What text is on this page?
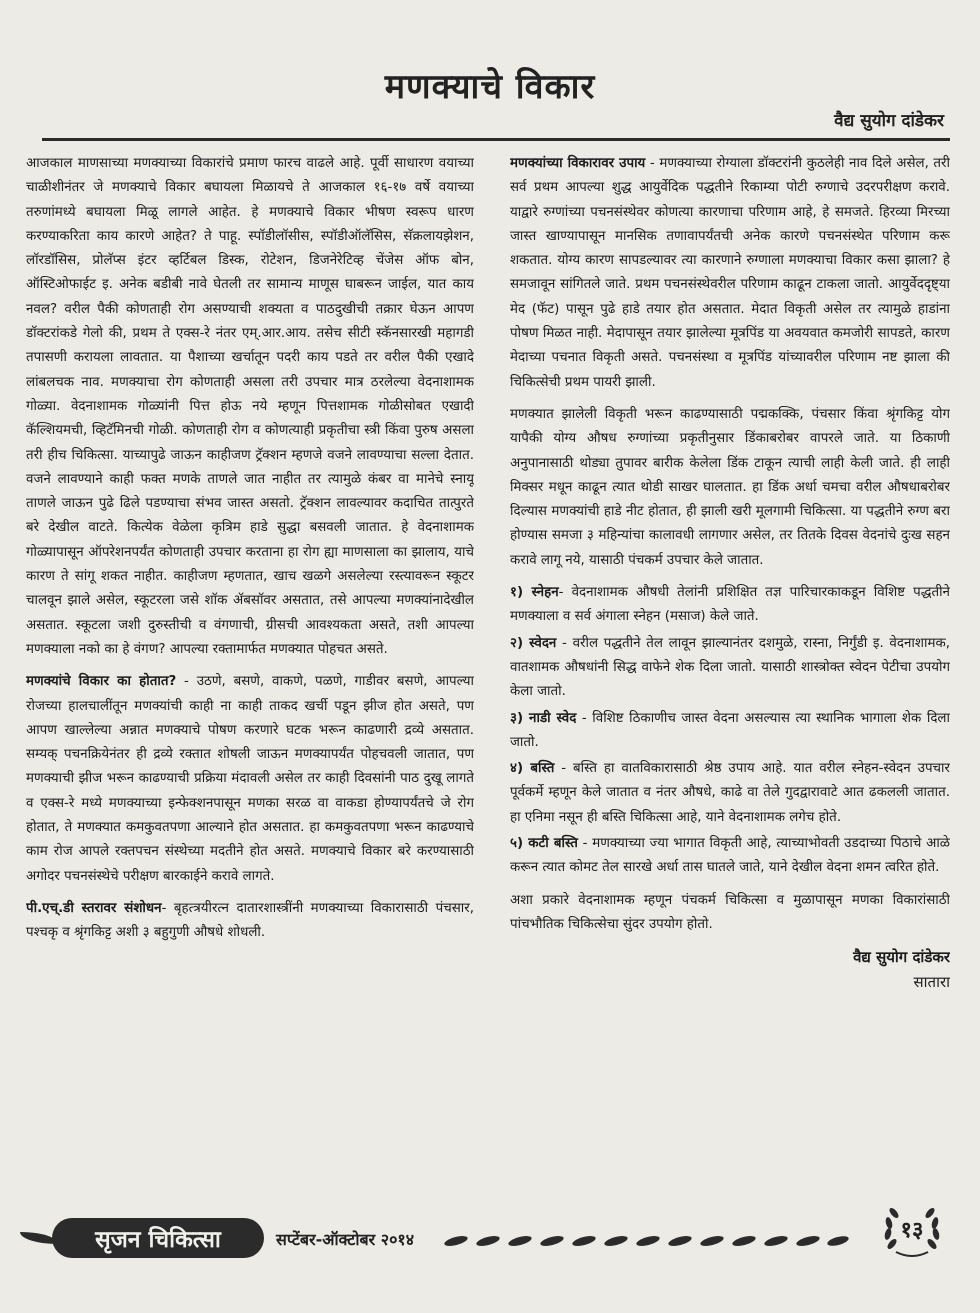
मणक्याचे विकार
वैद्य सुयोग दांडेकर

आजकाल माणसाच्या मणक्याच्या विकारांचे प्रमाण फारच वाढले आहे. पूर्वी साधारण वयाच्या चाळीशीनंतर जे मणक्याचे विकार बघायला मिळायचे ते आजकाल १६-१७ वर्षे वयाच्या तरुणांमध्ये बघायला मिळू लागले आहेत. हे मणक्याचे विकार भीषण स्वरूप धारण करण्याकरिता काय कारणे आहेत? ते पाहू. स्पॉडीलॉसीस, स्पॉडीऑलॅसिस, सॅक्रलायझेशन, लॉरडॉसिस, प्रोलॅप्स इंटर व्हर्टिबल डिस्क, रोटेशन, डिजनेरेटिव्ह चेंजेस ऑफ बोन, ऑस्टिओफाईट इ. अनेक बडीबी नावे घेतली तर सामान्य माणूस घाबरून जाईल, यात काय नवल? वरील पैकी कोणताही रोग असण्याची शक्यता व पाठदुखीची तक्रार घेऊन आपण डॉक्टरांकडे गेलो की, प्रथम ते एक्स-रे नंतर एम्.आर.आय. तसेच सीटी स्कॅनसारखी महागडी तपासणी करायला लावतात. या पैशाच्या खर्चातून पदरी काय पडते तर वरील पैकी एखादे लांबलचक नाव. मणक्याचा रोग कोणताही असला तरी उपचार मात्र ठरलेल्या वेदनाशामक गोळ्या. वेदनाशामक गोळ्यांनी पित्त होऊ नये म्हणून पित्तशामक गोळीसोबत एखादी कॅल्शियमची, व्हिटॅमिनची गोळी. कोणताही रोग व कोणत्याही प्रकृतीचा स्त्री किंवा पुरुष असला तरी हीच चिकित्सा. याच्यापुढे जाऊन काहीजण ट्रॅक्शन म्हणजे वजने लावण्याचा सल्ला देतात. वजने लावण्याने काही फक्त मणके ताणले जात नाहीत तर त्यामुळे कंबर वा मानेचे स्नायू ताणले जाऊन पुढे ढिले पडण्याचा संभव जास्त असतो. ट्रॅक्शन लावल्यावर कदाचित तात्पुरते बरे देखील वाटते. कित्येक वेळेला कृत्रिम हाडे सुद्धा बसवली जातात. हे वेदनाशामक गोळ्यापासून ऑपरेशनपर्यंत कोणताही उपचार करताना हा रोग ह्या माणसाला का झालाय, याचे कारण ते सांगू शकत नाहीत. काहीजण म्हणतात, खाच खळगे असलेल्या रस्त्यावरून स्कूटर चालवून झाले असेल, स्कूटरला जसे शॉक ॲबसॉवर असतात, तसे आपल्या मणक्यांनादेखील असतात. स्कूटला जशी दुरुस्तीची व वंगणाची, ग्रीसची आवश्यकता असते, तशी आपल्या मणक्याला नको का हे वंगण? आपल्या रक्तामार्फत मणक्यात पोहचत असते.

मणक्यांचे विकार का होतात? - उठणे, बसणे, वाकणे, पळणे, गाडीवर बसणे, आपल्या रोजच्या हालचालींतून मणक्यांची काही ना काही ताकद खर्ची पडून झीज होत असते, पण आपण खाल्लेल्या अन्नात मणक्याचे पोषण करणारे घटक भरून काढणारी द्रव्ये असतात. सम्यक् पचनक्रियेनंतर ही द्रव्ये रक्तात शोषली जाऊन मणक्यापर्यंत पोहचवली जातात, पण मणक्याची झीज भरून काढण्याची प्रक्रिया मंदावली असेल तर काही दिवसांनी पाठ दुखू लागते व एक्स-रे मध्ये मणक्याच्या इन्फेक्शनपासून मणका सरळ वा वाकडा होण्यापर्यंतचे जे रोग होतात, ते मणक्यात कमकुवतपणा आल्याने होत असतात. हा कमकुवतपणा भरून काढण्याचे काम रोज आपले रक्तपचन संस्थेच्या मदतीने होत असते. मणक्याचे विकार बरे करण्यासाठी अगोदर पचनसंस्थेचे परीक्षण बारकाईने करावे लागते.

पी.एच्.डी स्तरावर संशोधन- बृहत्त्रयीरत्न दातारशास्त्रींनी मणक्याच्या विकारासाठी पंचसार, पश्चकृ व श्रृंगकिट्ट अशी ३ बहुगुणी औषधे शोधली.

मणक्यांच्या विकारावर उपाय - मणक्याच्या रोग्याला डॉक्टरांनी कुठलेही नाव दिले असेल, तरी सर्व प्रथम आपल्या शुद्ध आयुर्वेदिक पद्धतीने रिकाम्या पोटी रुग्णाचे उदरपरीक्षण करावे. याद्वारे रुग्णांच्या पचनसंस्थेवर कोणत्या कारणाचा परिणाम आहे, हे समजते. हिरव्या मिरच्या जास्त खाण्यापासून मानसिक तणावापर्यंतची अनेक कारणे पचनसंस्थेत परिणाम करू शकतात. योग्य कारण सापडल्यावर त्या कारणाने रुग्णाला मणक्याचा विकार कसा झाला? हे समजावून सांगितले जाते. प्रथम पचनसंस्थेवरील परिणाम काढून टाकला जातो. आयुर्वेददृष्ट्या मेद (फॅट) पासून पुढे हाडे तयार होत असतात. मेदात विकृती असेल तर त्यामुळे हाडांना पोषण मिळत नाही. मेदापासून तयार झालेल्या मूत्रपिंड या अवयवात कमजोरी सापडते, कारण मेदाच्या पचनात विकृती असते. पचनसंस्था व मूत्रपिंड यांच्यावरील परिणाम नष्ट झाला की चिकित्सेची प्रथम पायरी झाली.

मणक्यात झालेली विकृती भरून काढण्यासाठी पद्मकक्कि, पंचसार किंवा श्रृंगकिट्ट योग यापैकी योग्य औषध रुग्णांच्या प्रकृतीनुसार डिंकाबरोबर वापरले जाते. या ठिकाणी अनुपानासाठी थोड्या तुपावर बारीक केलेला डिंक टाकून त्याची लाही केली जाते. ही लाही मिक्सर मधून काढून त्यात थोडी साखर घालतात. हा डिंक अर्धा चमचा वरील औषधाबरोबर दिल्यास मणक्यांची हाडे नीट होतात, ही झाली खरी मूलगामी चिकित्सा. या पद्धतीने रुग्ण बरा होण्यास समजा ३ महिन्यांचा कालावधी लागणार असेल, तर तितके दिवस वेदनांचे दुःख सहन करावे लागू नये, यासाठी पंचकर्म उपचार केले जातात.

१) स्नेहन- वेदनाशामक औषधी तेलांनी प्रशिक्षित तज्ञ पारिचारकाकडून विशिष्ट पद्धतीने मणक्याला व सर्व अंगाला स्नेहन (मसाज) केले जाते.

२) स्वेदन - वरील पद्धतीने तेल लावून झाल्यानंतर दशमुळे, रास्ना, निर्गुंडी इ. वेदनाशामक, वातशामक औषधांनी सिद्ध वाफेने शेक दिला जातो. यासाठी शास्त्रोक्त स्वेदन पेटीचा उपयोग केला जातो.

३) नाडी स्वेद - विशिष्ट ठिकाणीच जास्त वेदना असल्यास त्या स्थानिक भागाला शेक दिला जातो.

४) बस्ति - बस्ति हा वातविकारासाठी श्रेष्ठ उपाय आहे. यात वरील स्नेहन-स्वेदन उपचार पूर्वकर्मे म्हणून केले जातात व नंतर औषधे, काढे वा तेले गुदद्वारावाटे आत ढकलली जातात. हा एनिमा नसून ही बस्ति चिकित्सा आहे, याने वेदनाशामक लगेच होते.

५) कटी बस्ति - मणक्याच्या ज्या भागात विकृती आहे, त्याच्याभोवती उडदाच्या पिठाचे आळे करून त्यात कोमट तेल सारखे अर्धा तास घातले जाते, याने देखील वेदना शमन त्वरित होते.

अशा प्रकारे वेदनाशामक म्हणून पंचकर्म चिकित्सा व मुळापासून मणका विकारांसाठी पांचभौतिक चिकित्सेचा सुंदर उपयोग होतो.

वैद्य सुयोग दांडेकर
सातारा
सृजन चिकित्सा	सप्टेंबर-ऑक्टोबर २०१४	१३
